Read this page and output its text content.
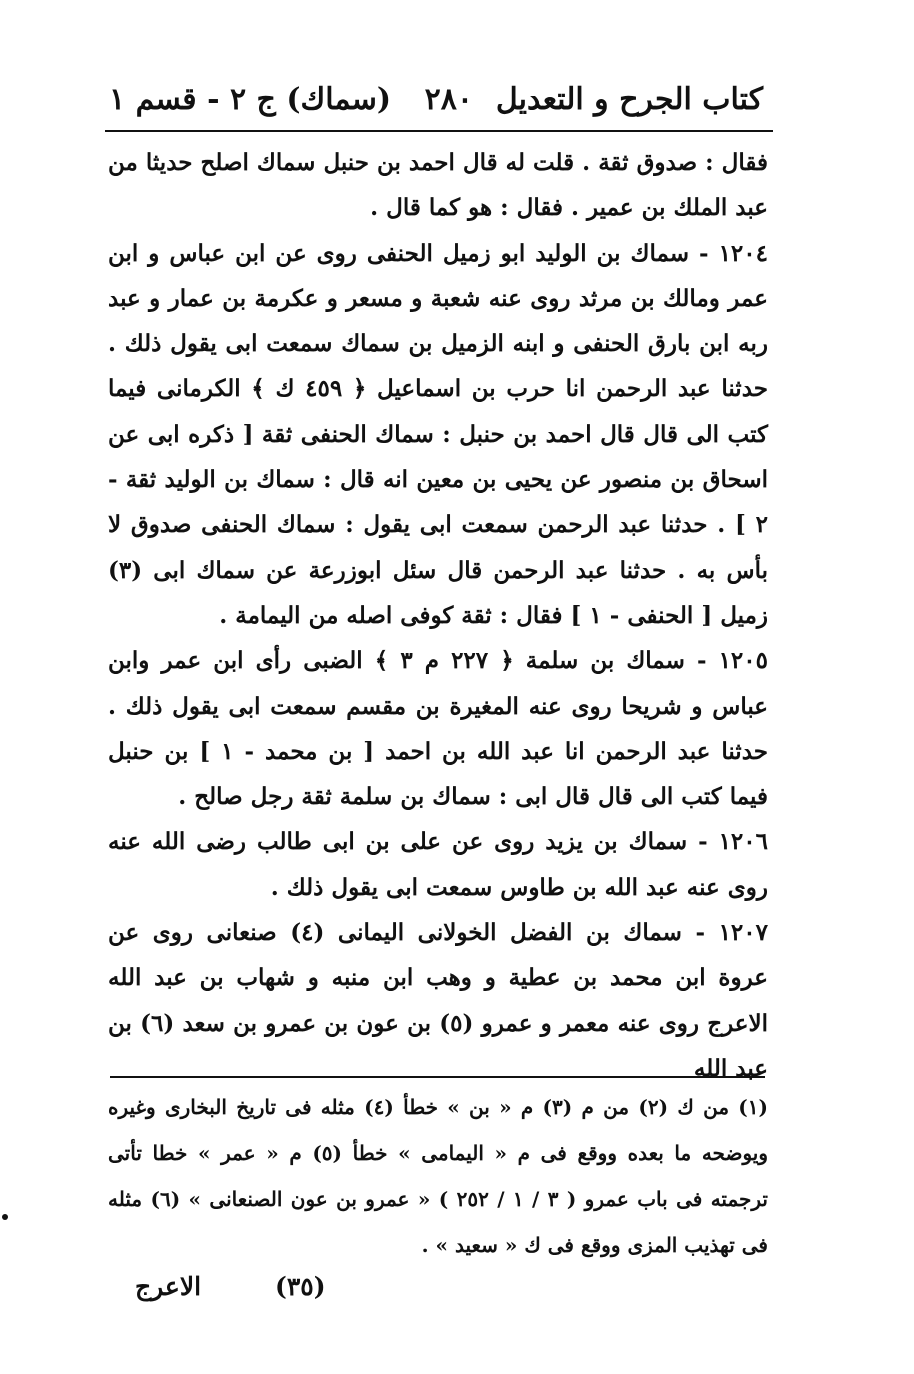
كتاب الجرح و التعديل
٢٨٠
(سماك) ج ٢ - قسم ١

فقال : صدوق ثقة . قلت له قال احمد بن حنبل سماك اصلح حديثا من عبد الملك بن عمير . فقال : هو كما قال .

١٢٠٤ - سماك بن الوليد ابو زميل الحنفى روى عن ابن عباس و ابن عمر ومالك بن مرثد روى عنه شعبة و مسعر و عكرمة بن عمار و عبد ربه ابن بارق الحنفى و ابنه الزميل بن سماك سمعت ابى يقول ذلك . حدثنا عبد الرحمن انا حرب بن اسماعيل ﴿ ٤٥٩ ك ﴾ الكرمانى فيما كتب الى قال قال احمد بن حنبل : سماك الحنفى ثقة [ ذكره ابى عن اسحاق بن منصور عن يحيى بن معين انه قال : سماك بن الوليد ثقة - ٢ ] . حدثنا عبد الرحمن سمعت ابى يقول : سماك الحنفى صدوق لا بأس به . حدثنا عبد الرحمن قال سئل ابوزرعة عن سماك ابى (٣) زميل [ الحنفى - ١ ] فقال : ثقة كوفى اصله من اليمامة .

١٢٠٥ - سماك بن سلمة ﴿ ٢٢٧ م ٣ ﴾ الضبى رأى ابن عمر وابن عباس و شريحا روى عنه المغيرة بن مقسم سمعت ابى يقول ذلك . حدثنا عبد الرحمن انا عبد الله بن احمد [ بن محمد - ١ ] بن حنبل فيما كتب الى قال قال ابى : سماك بن سلمة ثقة رجل صالح .

١٢٠٦ - سماك بن يزيد روى عن على بن ابى طالب رضى الله عنه روى عنه عبد الله بن طاوس سمعت ابى يقول ذلك .

١٢٠٧ - سماك بن الفضل الخولانى اليمانى (٤) صنعانى روى عن عروة ابن محمد بن عطية و وهب ابن منبه و شهاب بن عبد الله الاعرج روى عنه معمر و عمرو (٥) بن عون بن عمرو بن سعد (٦) بن عبد الله

(١) من ك (٢) من م (٣) م « بن » خطأ (٤) مثله فى تاريخ البخارى وغيره ويوضحه ما بعده ووقع فى م « اليمامى » خطأ (٥) م « عمر » خطا تأتى ترجمته فى باب عمرو ( ٣ / ١ / ٢٥٢ ) « عمرو بن عون الصنعانى » (٦) مثله فى تهذيب المزى ووقع فى ك « سعيد » .

(٣٥)
الاعرج
